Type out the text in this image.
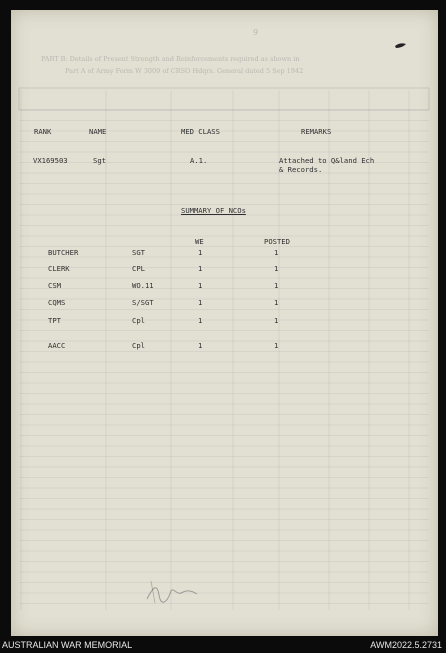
9
PART B: Details of Present Strength and Reinforcements required as shown in
Part A of Army Form W 3009 of CRSO Hdqrs. General dated 5 Sep 1942
RANK	NAME	MED CLASS	REMARKS
VX169503	Sgt	A.1.	Attached to Q&land Ech
& Records.
SUMMARY OF NCOs
WE	POSTED
BUTCHER	SGT	1	1
CLERK	CPL	1	1
CSM	WO.11	1	1
CQMS	S/SGT	1	1
TPT	Cpl	1	1
AACC	Cpl	1	1
AUSTRALIAN WAR MEMORIAL	AWM2022.5.2731
